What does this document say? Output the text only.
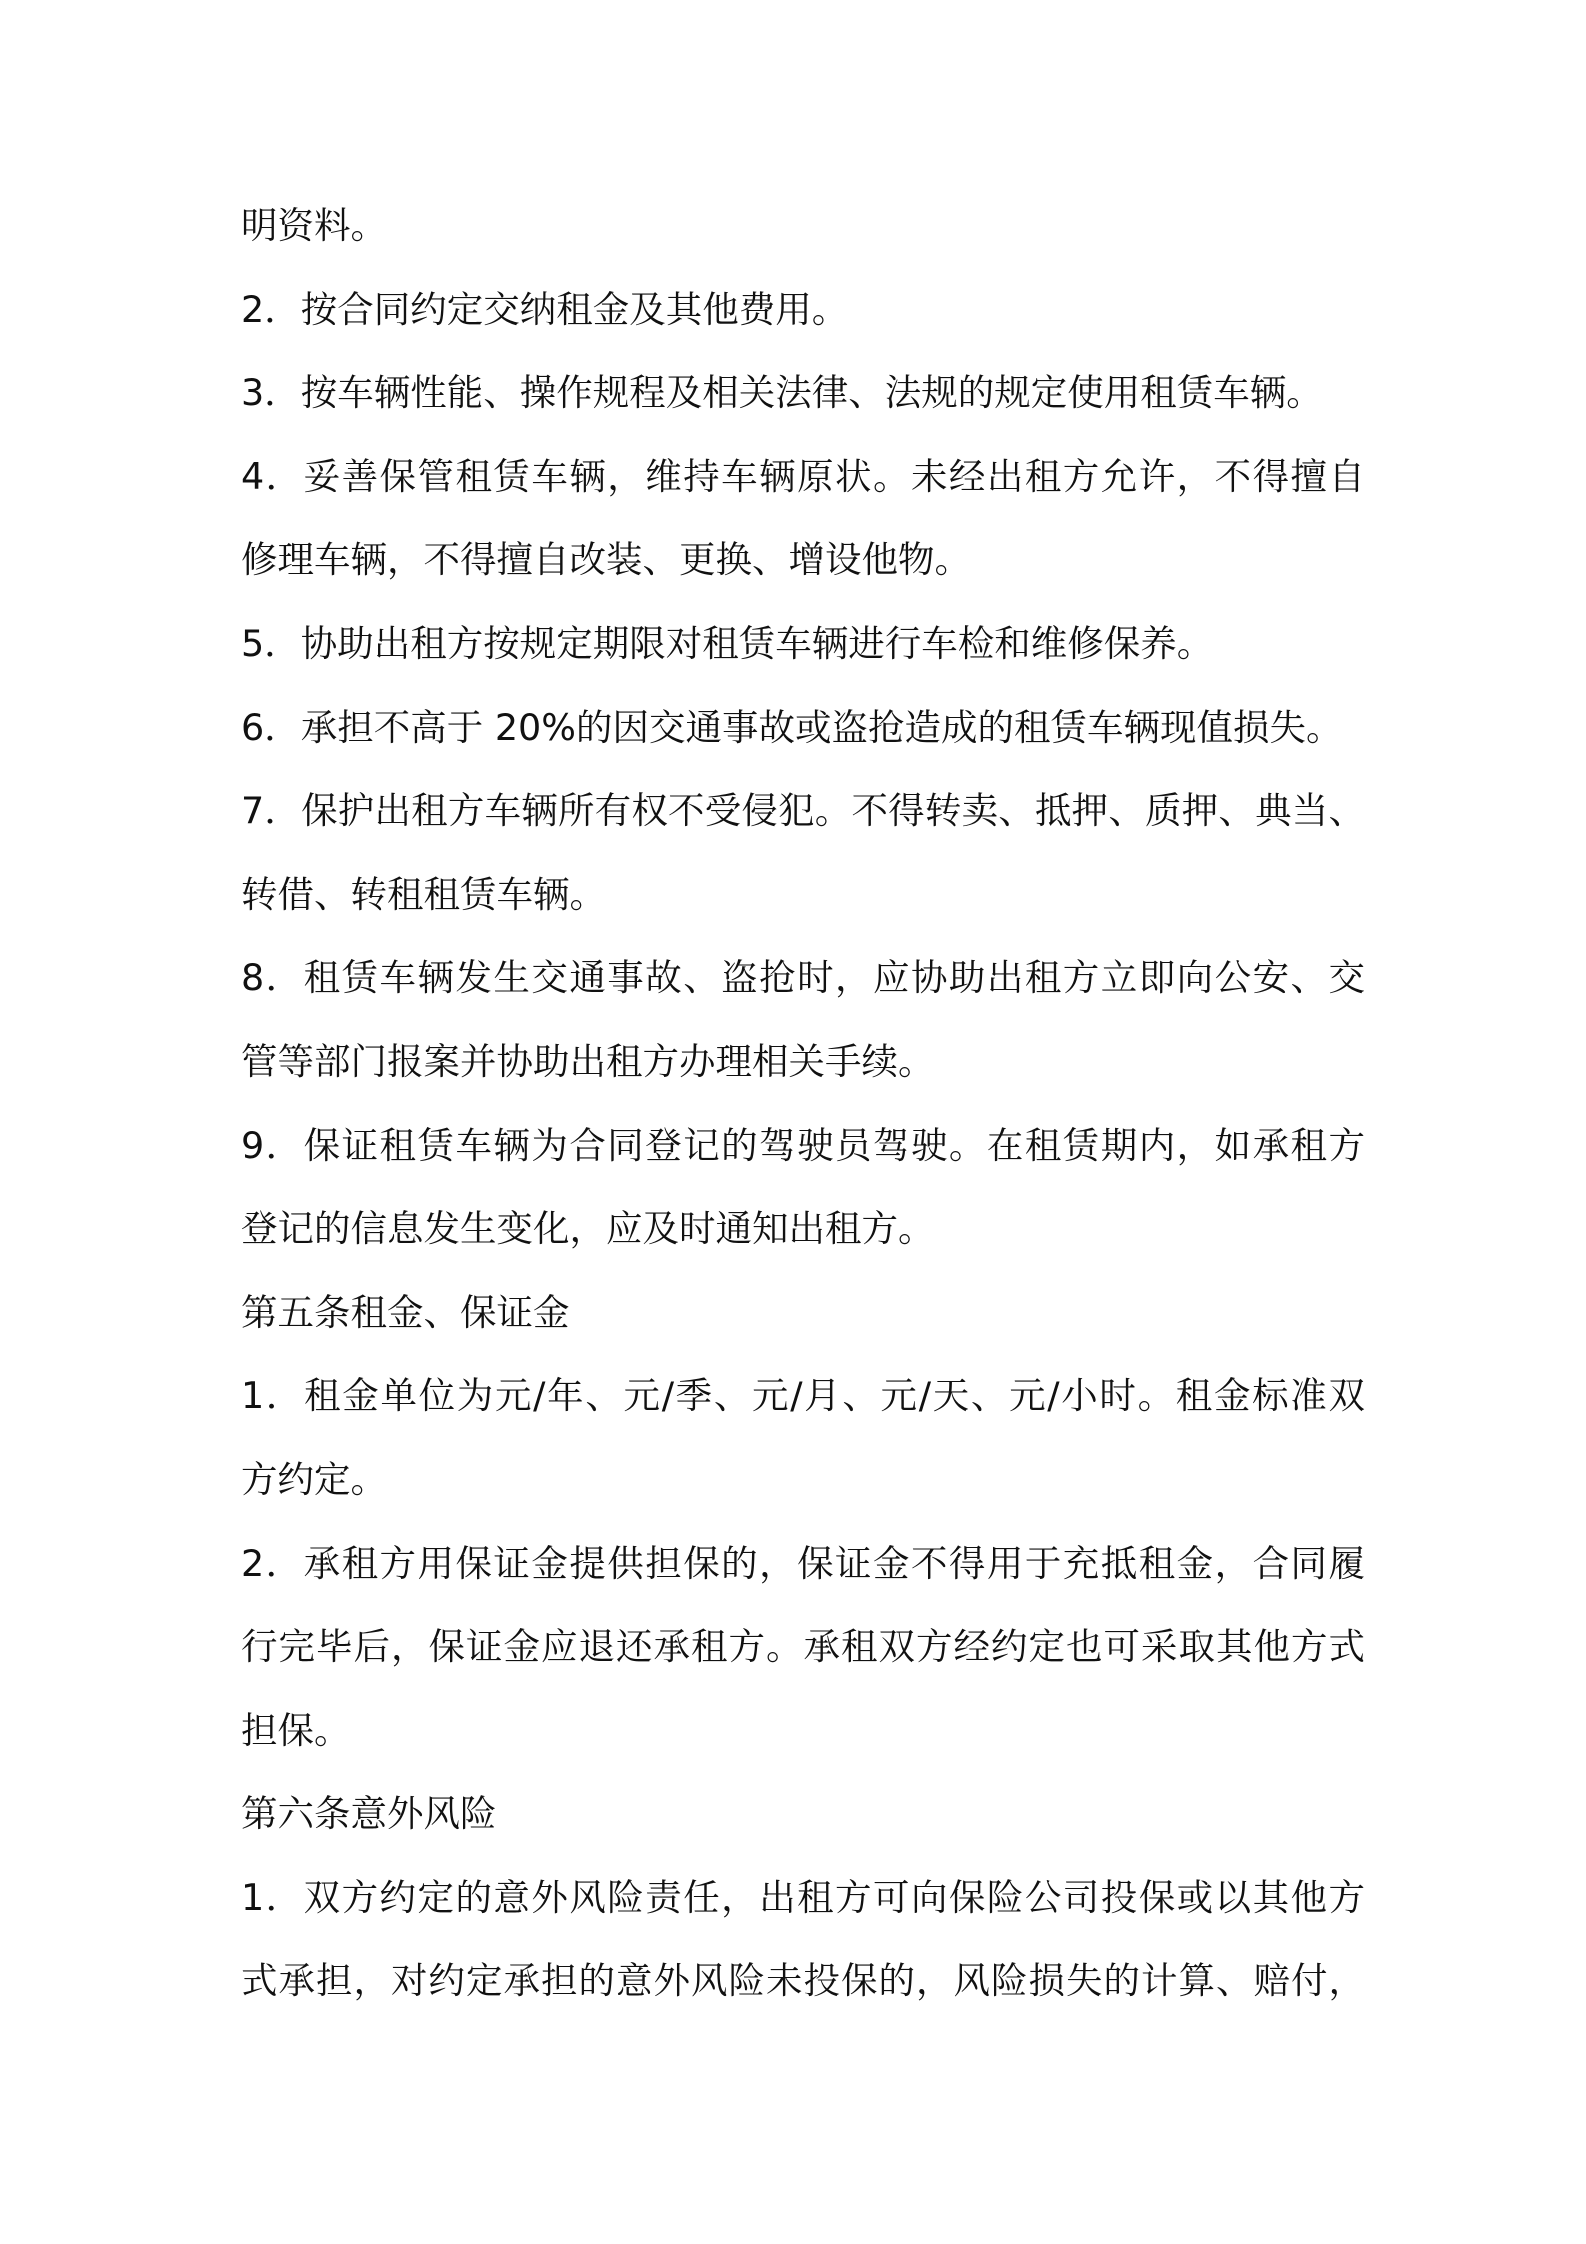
明资料。
2．按合同约定交纳租金及其他费用。
3．按车辆性能、操作规程及相关法律、法规的规定使用租赁车辆。
4．妥善保管租赁车辆，维持车辆原状。未经出租方允许，不得擅自
修理车辆，不得擅自改装、更换、增设他物。
5．协助出租方按规定期限对租赁车辆进行车检和维修保养。
6．承担不高于 20%的因交通事故或盗抢造成的租赁车辆现值损失。
7．保护出租方车辆所有权不受侵犯。不得转卖、抵押、质押、典当、
转借、转租租赁车辆。
8．租赁车辆发生交通事故、盗抢时，应协助出租方立即向公安、交
管等部门报案并协助出租方办理相关手续。
9．保证租赁车辆为合同登记的驾驶员驾驶。在租赁期内，如承租方
登记的信息发生变化，应及时通知出租方。
第五条租金、保证金
1．租金单位为元/年、元/季、元/月、元/天、元/小时。租金标准双
方约定。
2．承租方用保证金提供担保的，保证金不得用于充抵租金，合同履
行完毕后，保证金应退还承租方。承租双方经约定也可采取其他方式
担保。
第六条意外风险
1．双方约定的意外风险责任，出租方可向保险公司投保或以其他方
式承担，对约定承担的意外风险未投保的，风险损失的计算、赔付，
